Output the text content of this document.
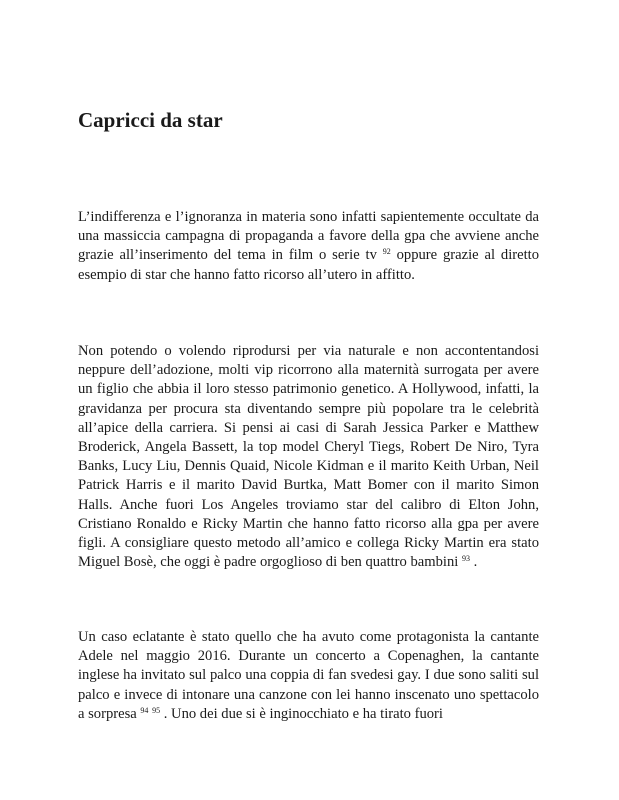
Capricci da star

L’indifferenza e l’ignoranza in materia sono infatti sapientemente occultate da una massiccia campagna di propaganda a favore della gpa che avviene anche grazie all’inserimento del tema in film o serie tv $^{92}$ oppure grazie al diretto esempio di star che hanno fatto ricorso all’utero in affitto.

Non potendo o volendo riprodursi per via naturale e non accontentandosi neppure dell’adozione, molti vip ricorrono alla maternità surrogata per avere un figlio che abbia il loro stesso patrimonio genetico. A Hollywood, infatti, la gravidanza per procura sta diventando sempre più popolare tra le celebrità all’apice della carriera. Si pensi ai casi di Sarah Jessica Parker e Matthew Broderick, Angela Bassett, la top model Cheryl Tiegs, Robert De Niro, Tyra Banks, Lucy Liu, Dennis Quaid, Nicole Kidman e il marito Keith Urban, Neil Patrick Harris e il marito David Burtka, Matt Bomer con il marito Simon Halls. Anche fuori Los Angeles troviamo star del calibro di Elton John, Cristiano Ronaldo e Ricky Martin che hanno fatto ricorso alla gpa per avere figli. A consigliare questo metodo all’amico e collega Ricky Martin era stato Miguel Bosè, che oggi è padre orgoglioso di ben quattro bambini $^{93}$ .

Un caso eclatante è stato quello che ha avuto come protagonista la cantante Adele nel maggio 2016. Durante un concerto a Copenaghen, la cantante inglese ha invitato sul palco una coppia di fan svedesi gay. I due sono saliti sul palco e invece di intonare una canzone con lei hanno inscenato uno spettacolo a sorpresa $^{94}$ $^{95}$ . Uno dei due si è inginocchiato e ha tirato fuori
